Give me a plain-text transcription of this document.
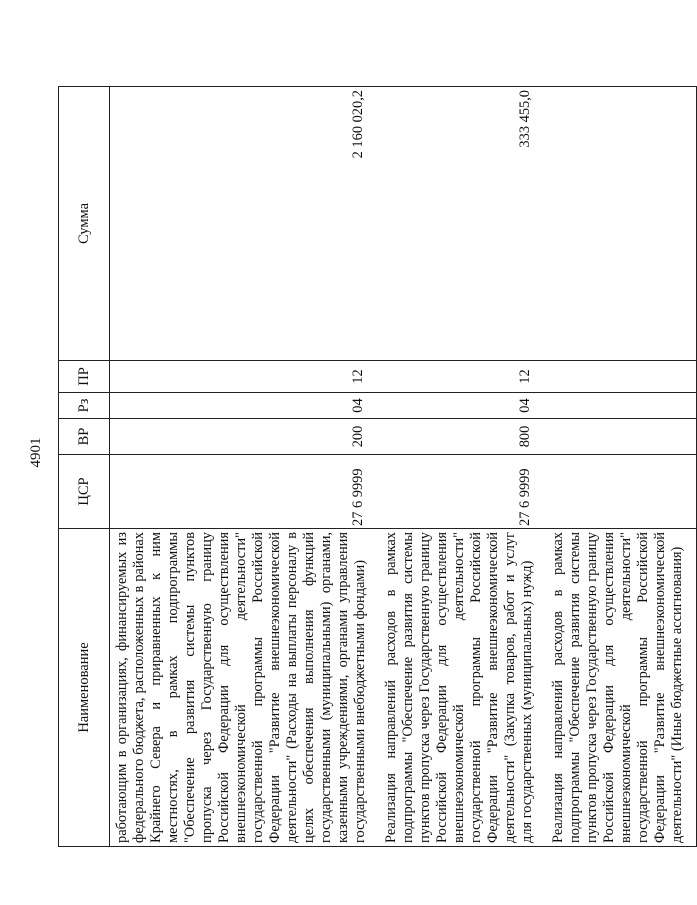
4901
Наименование	ЦСР	ВР	Рз	ПР	Сумма
работающим в организациях, финансируемых из федерального бюджета, расположенных в районах Крайнего Севера и приравненных к ним местностях, в рамках подпрограммы "Обеспечение развития системы пунктов пропуска через Государственную границу Российской Федерации для осуществления внешнеэкономической деятельности" государственной программы Российской Федерации "Развитие внешнеэкономической деятельности" (Расходы на выплаты персоналу в целях обеспечения выполнения функций государственными (муниципальными) органами, казенными учреждениями, органами управления государственными внебюджетными фондами)	27 6 9999	200	04	12	2 160 020,2
Реализация направлений расходов в рамках подпрограммы "Обеспечение развития системы пунктов пропуска через Государственную границу Российской Федерации для осуществления внешнеэкономической деятельности" государственной программы Российской Федерации "Развитие внешнеэкономической деятельности" (Закупка товаров, работ и услуг для государственных (муниципальных) нужд)	27 6 9999	800	04	12	333 455,0
Реализация направлений расходов в рамках подпрограммы "Обеспечение развития системы пунктов пропуска через Государственную границу Российской Федерации для осуществления внешнеэкономической деятельности" государственной программы Российской Федерации "Развитие внешнеэкономической деятельности" (Иные бюджетные ассигнования)					
